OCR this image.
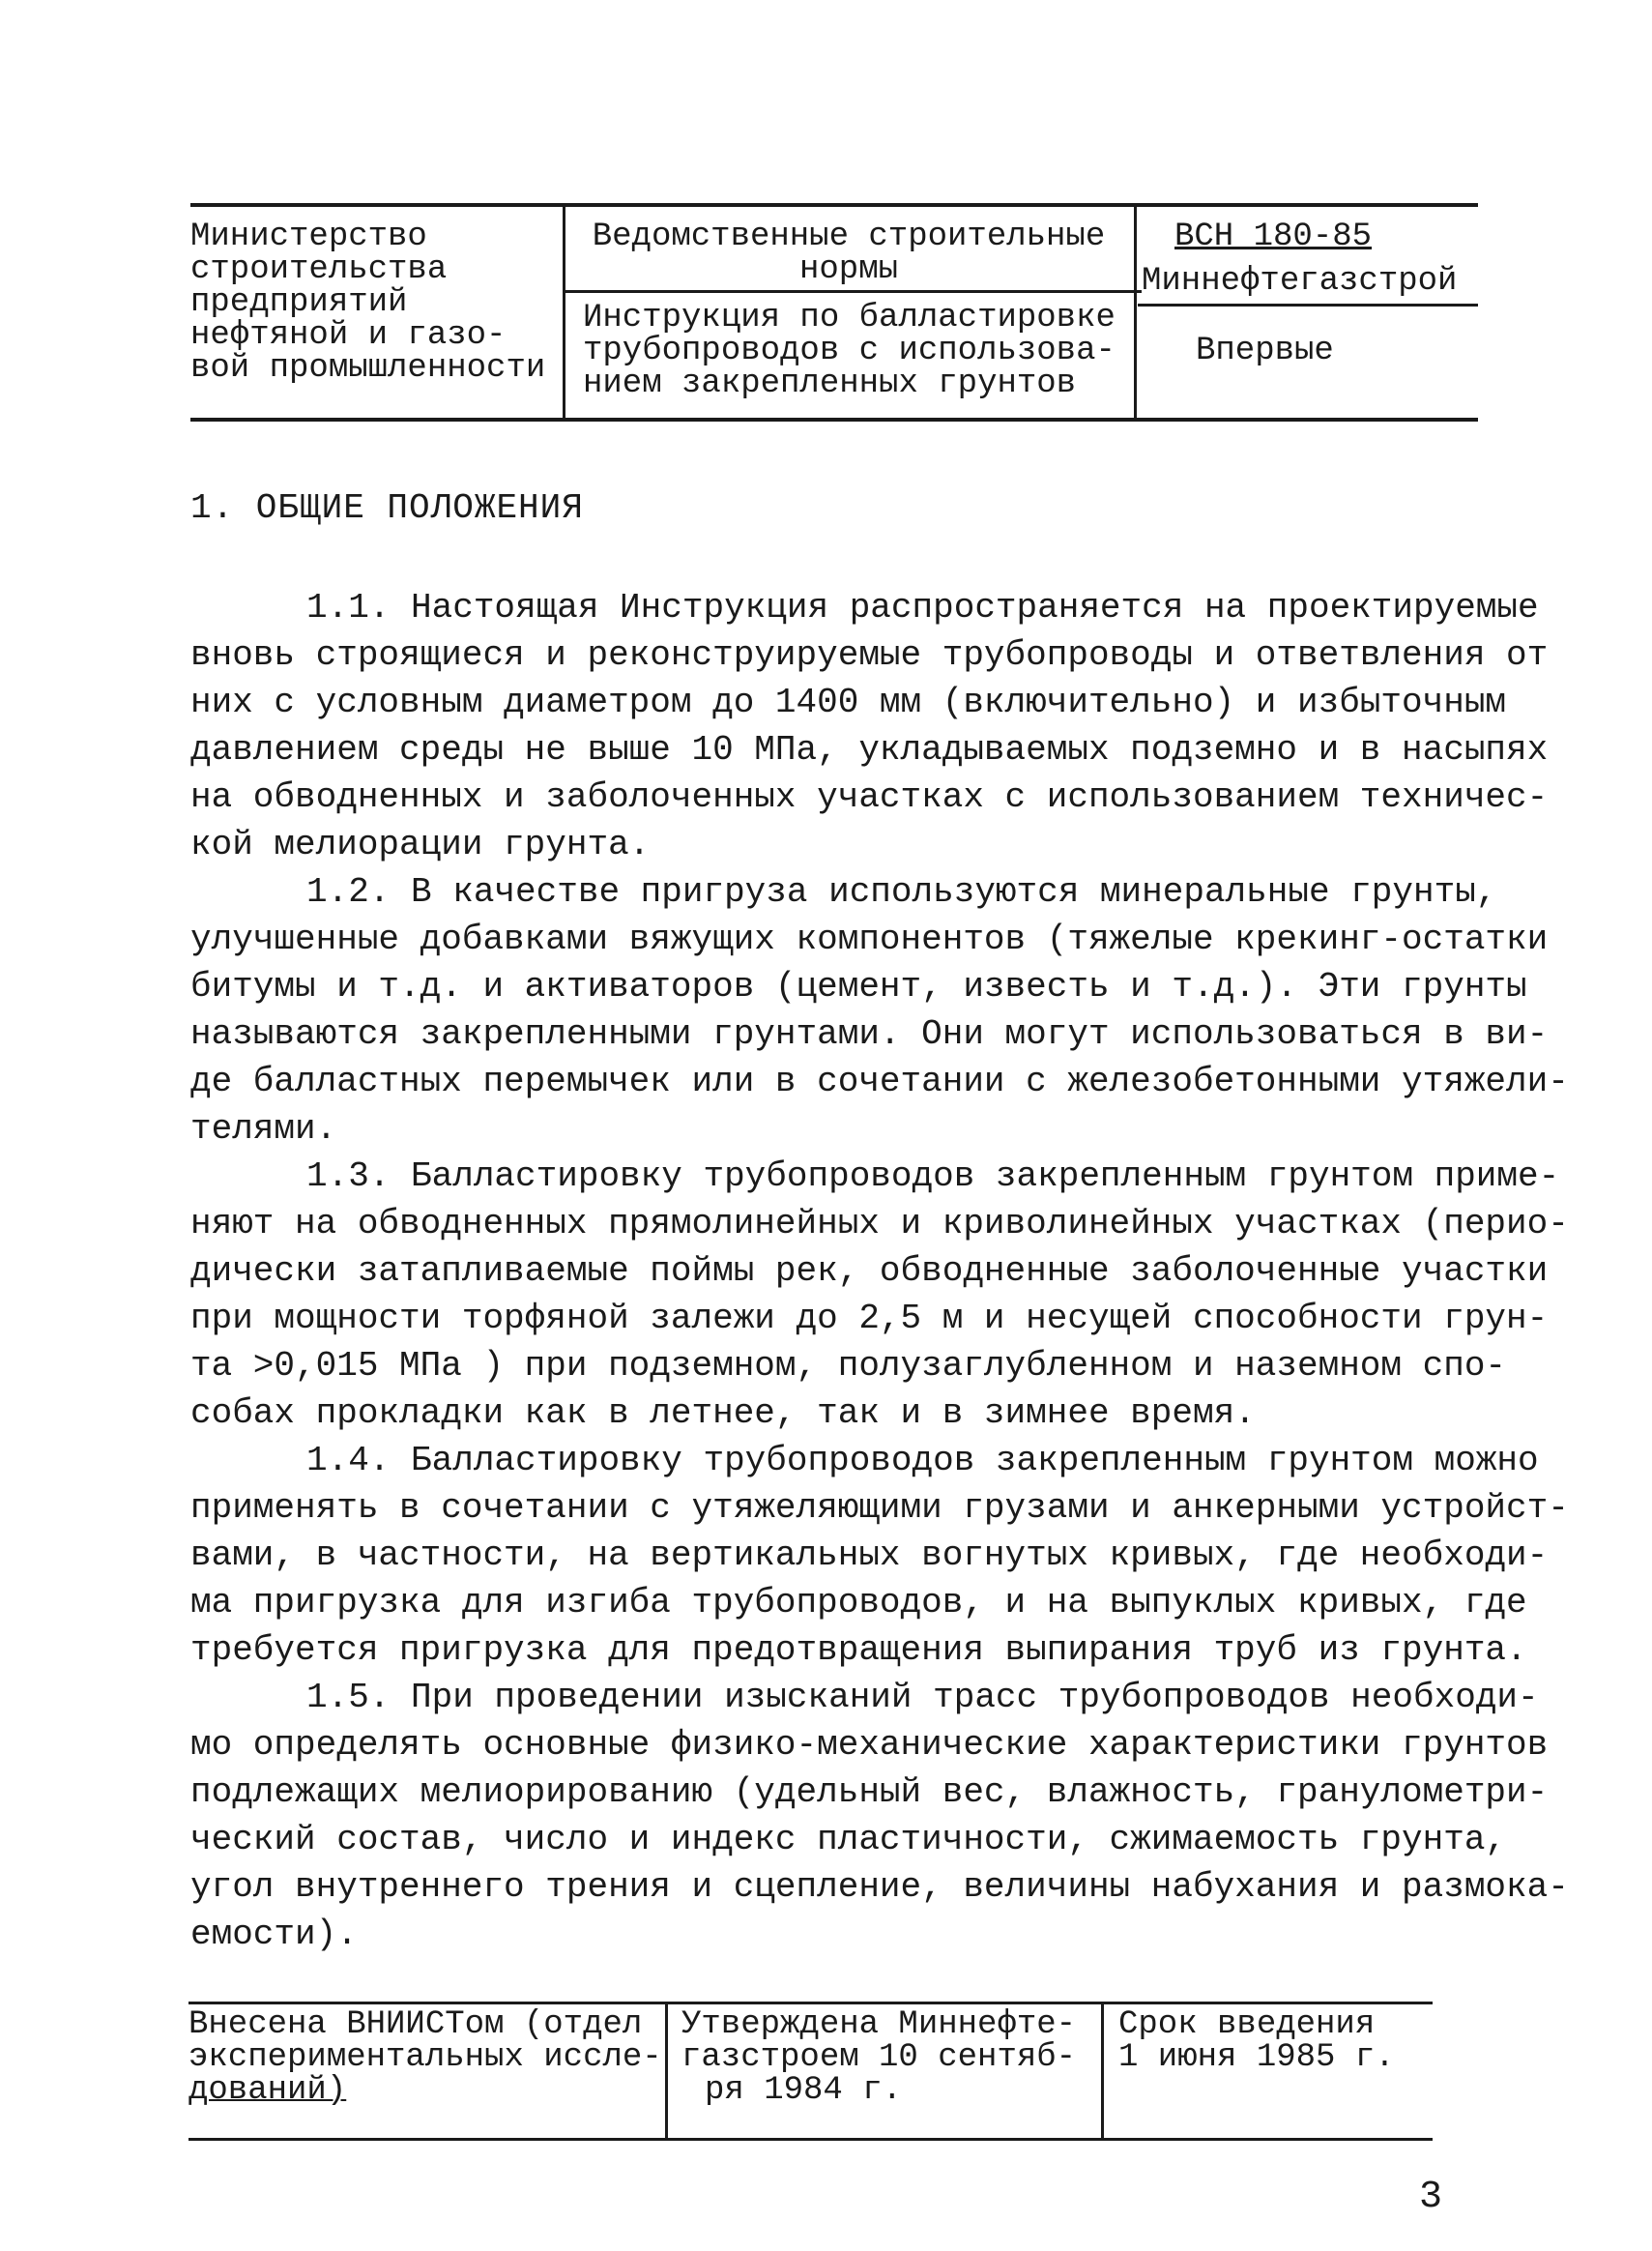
Министерство
строительства
предприятий
нефтяной и газо-
вой промышленности
Ведомственные строительные
нормы
Инструкция по балластировке
трубопроводов с использова-
нием закрепленных грунтов
ВСН 180-85
Миннефтегазстрой
Впервые
1. ОБЩИЕ ПОЛОЖЕНИЯ
1.1. Настоящая Инструкция распространяется на проектируемые
вновь строящиеся и реконструируемые трубопроводы и ответвления от
них с условным диаметром до 1400 мм (включительно) и избыточным
давлением среды не выше 10 МПа, укладываемых подземно и в насыпях
на обводненных и заболоченных участках с использованием техничес-
кой мелиорации грунта.
1.2. В качестве пригруза используются минеральные грунты,
улучшенные добавками вяжущих компонентов (тяжелые крекинг-остатки
битумы и т.д. и активаторов (цемент, известь и т.д.). Эти грунты
называются закрепленными грунтами. Они могут использоваться в ви-
де балластных перемычек или в сочетании с железобетонными утяжели-
телями.
1.3. Балластировку трубопроводов закрепленным грунтом приме-
няют на обводненных прямолинейных и криволинейных участках (перио-
дически затапливаемые поймы рек, обводненные заболоченные участки
при мощности торфяной залежи до 2,5 м и несущей способности грун-
та >0,015 МПа ) при подземном, полузаглубленном и наземном спо-
собах прокладки как в летнее, так и в зимнее время.
1.4. Балластировку трубопроводов закрепленным грунтом можно
применять в сочетании с утяжеляющими грузами и анкерными устройст-
вами, в частности, на вертикальных вогнутых кривых, где необходи-
ма пригрузка для изгиба трубопроводов, и на выпуклых кривых, где
требуется пригрузка для предотвращения выпирания труб из грунта.
1.5. При проведении изысканий трасс трубопроводов необходи-
мо определять основные физико-механические характеристики грунтов
подлежащих мелиорированию (удельный вес, влажность, гранулометри-
ческий состав, число и индекс пластичности, сжимаемость грунта,
угол внутреннего трения и сцепление, величины набухания и размока-
емости).
Внесена ВНИИСТом (отдел
экспериментальных иссле-
дований)
Утверждена Миннефте-
газстроем 10 сентяб-
ря 1984 г.
Срок введения
1 июня 1985 г.
3
